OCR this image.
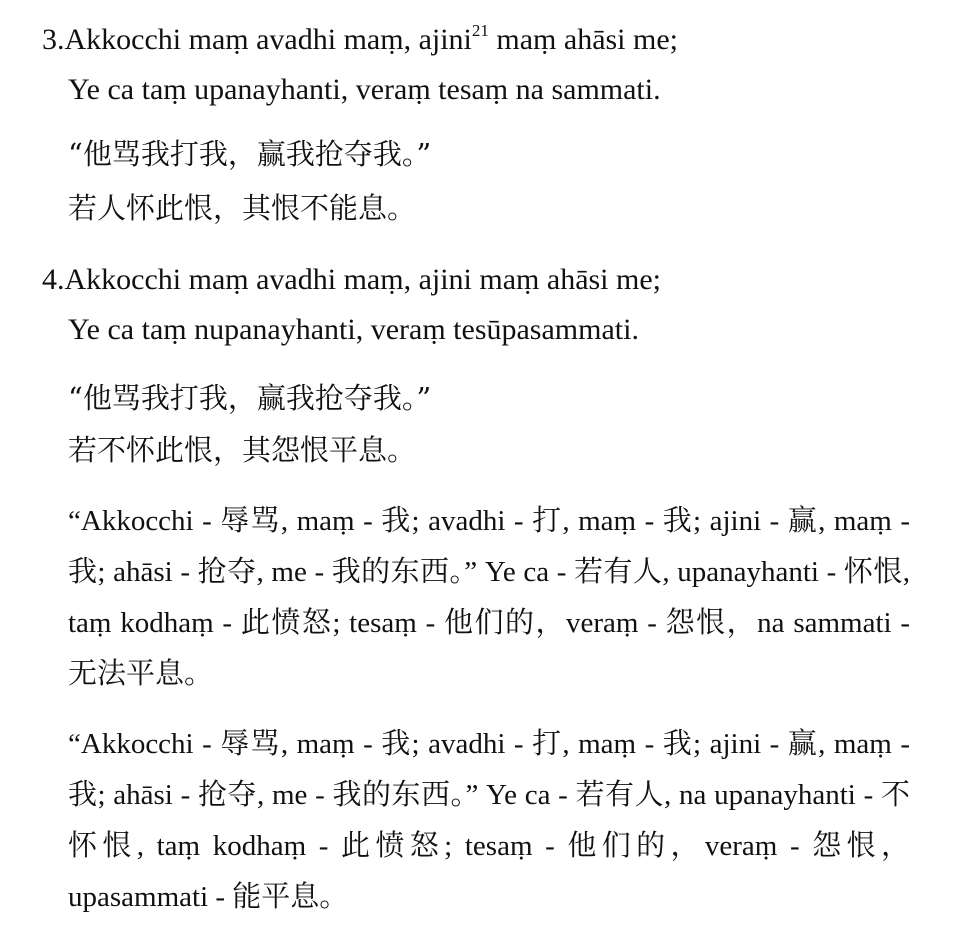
3.Akkocchi maṃ avadhi maṃ, ajini$^{21}$ maṃ ahāsi me;
Ye ca taṃ upanayhanti, veraṃ tesaṃ na sammati.
“他骂我打我，赢我抢夺我。”
若人怀此恨，其恨不能息。
4.Akkocchi maṃ avadhi maṃ, ajini maṃ ahāsi me;
Ye ca taṃ nupanayhanti, veraṃ tesūpasammati.
“他骂我打我，赢我抢夺我。”
若不怀此恨，其怨恨平息。
“Akkocchi - 辱骂, maṃ - 我; avadhi - 打, maṃ - 我; ajini - 赢, maṃ - 我; ahāsi - 抢夺, me - 我的东西。” Ye ca - 若有人, upanayhanti - 怀恨, taṃ kodhaṃ - 此愤怒; tesaṃ - 他们的，veraṃ - 怨恨，na sammati - 无法平息。
“Akkocchi - 辱骂, maṃ - 我; avadhi - 打, maṃ - 我; ajini - 赢, maṃ - 我; ahāsi - 抢夺, me - 我的东西。” Ye ca - 若有人, na upanayhanti - 不怀恨, taṃ kodhaṃ - 此愤怒; tesaṃ - 他们的，veraṃ - 怨恨，upasammati - 能平息。
